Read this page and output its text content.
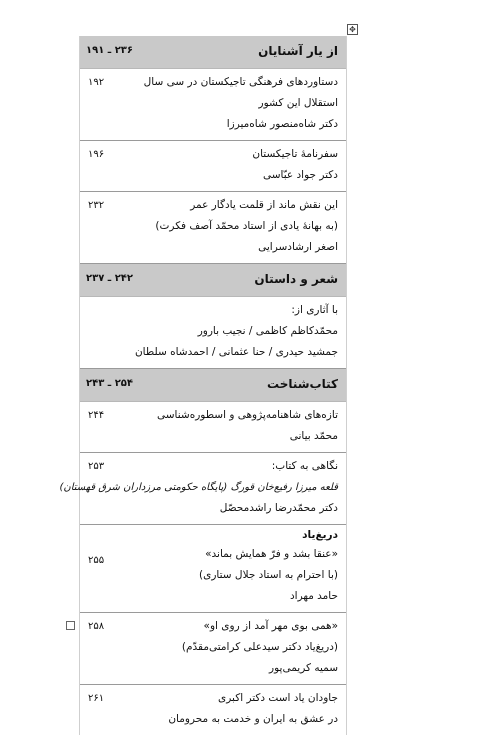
✥
از یار آشنایان
۲۳۶ ـ ۱۹۱
۱۹۲	دستاوردهای فرهنگی تاجیکستان در سی سال
استقلال این کشور
دکتر شاه‌منصور شاه‌میرزا
۱۹۶	سفرنامهٔ تاجیکستان
دکتر جواد عبّاسی
۲۳۲	این نقش ماند از قلمت یادگار عمر
(به بهانهٔ یادی از استاد محمّد آصف فکرت)
اصغر ارشادسرایی
شعر و داستان
۲۴۲ ـ ۲۳۷
با آثاری از:
محمّدکاظم کاظمی / نجیب بارور
جمشید حیدری / حنا عثمانی / احمدشاه سلطان
کتاب‌شناخت
۲۵۴ ـ ۲۴۳
۲۴۴	تازه‌های شاهنامه‌پژوهی و اسطوره‌شناسی
محمّد بیانی
۲۵۳	نگاهی به کتاب:
قلعه میرزا رفیع‌خان قورگ (پایگاه حکومتی مرزداران شرق قهستان)
دکتر محمّدرضا راشدمحصّل
۲۵۵
دریغ‌یاد
«عنقا بشد و فرّ همایش بماند»
(با احترام به استاد جلال ستاری)
حامد مهراد
۲۵۸	«همی بوی مهر آمد از روی او»
(دریغ‌یاد دکتر سیدعلی کرامتی‌مقدّم)
سمیه کریمی‌پور
۲۶۱	جاودان یاد است دکتر اکبری
در عشق به ایران و خدمت به محرومان
